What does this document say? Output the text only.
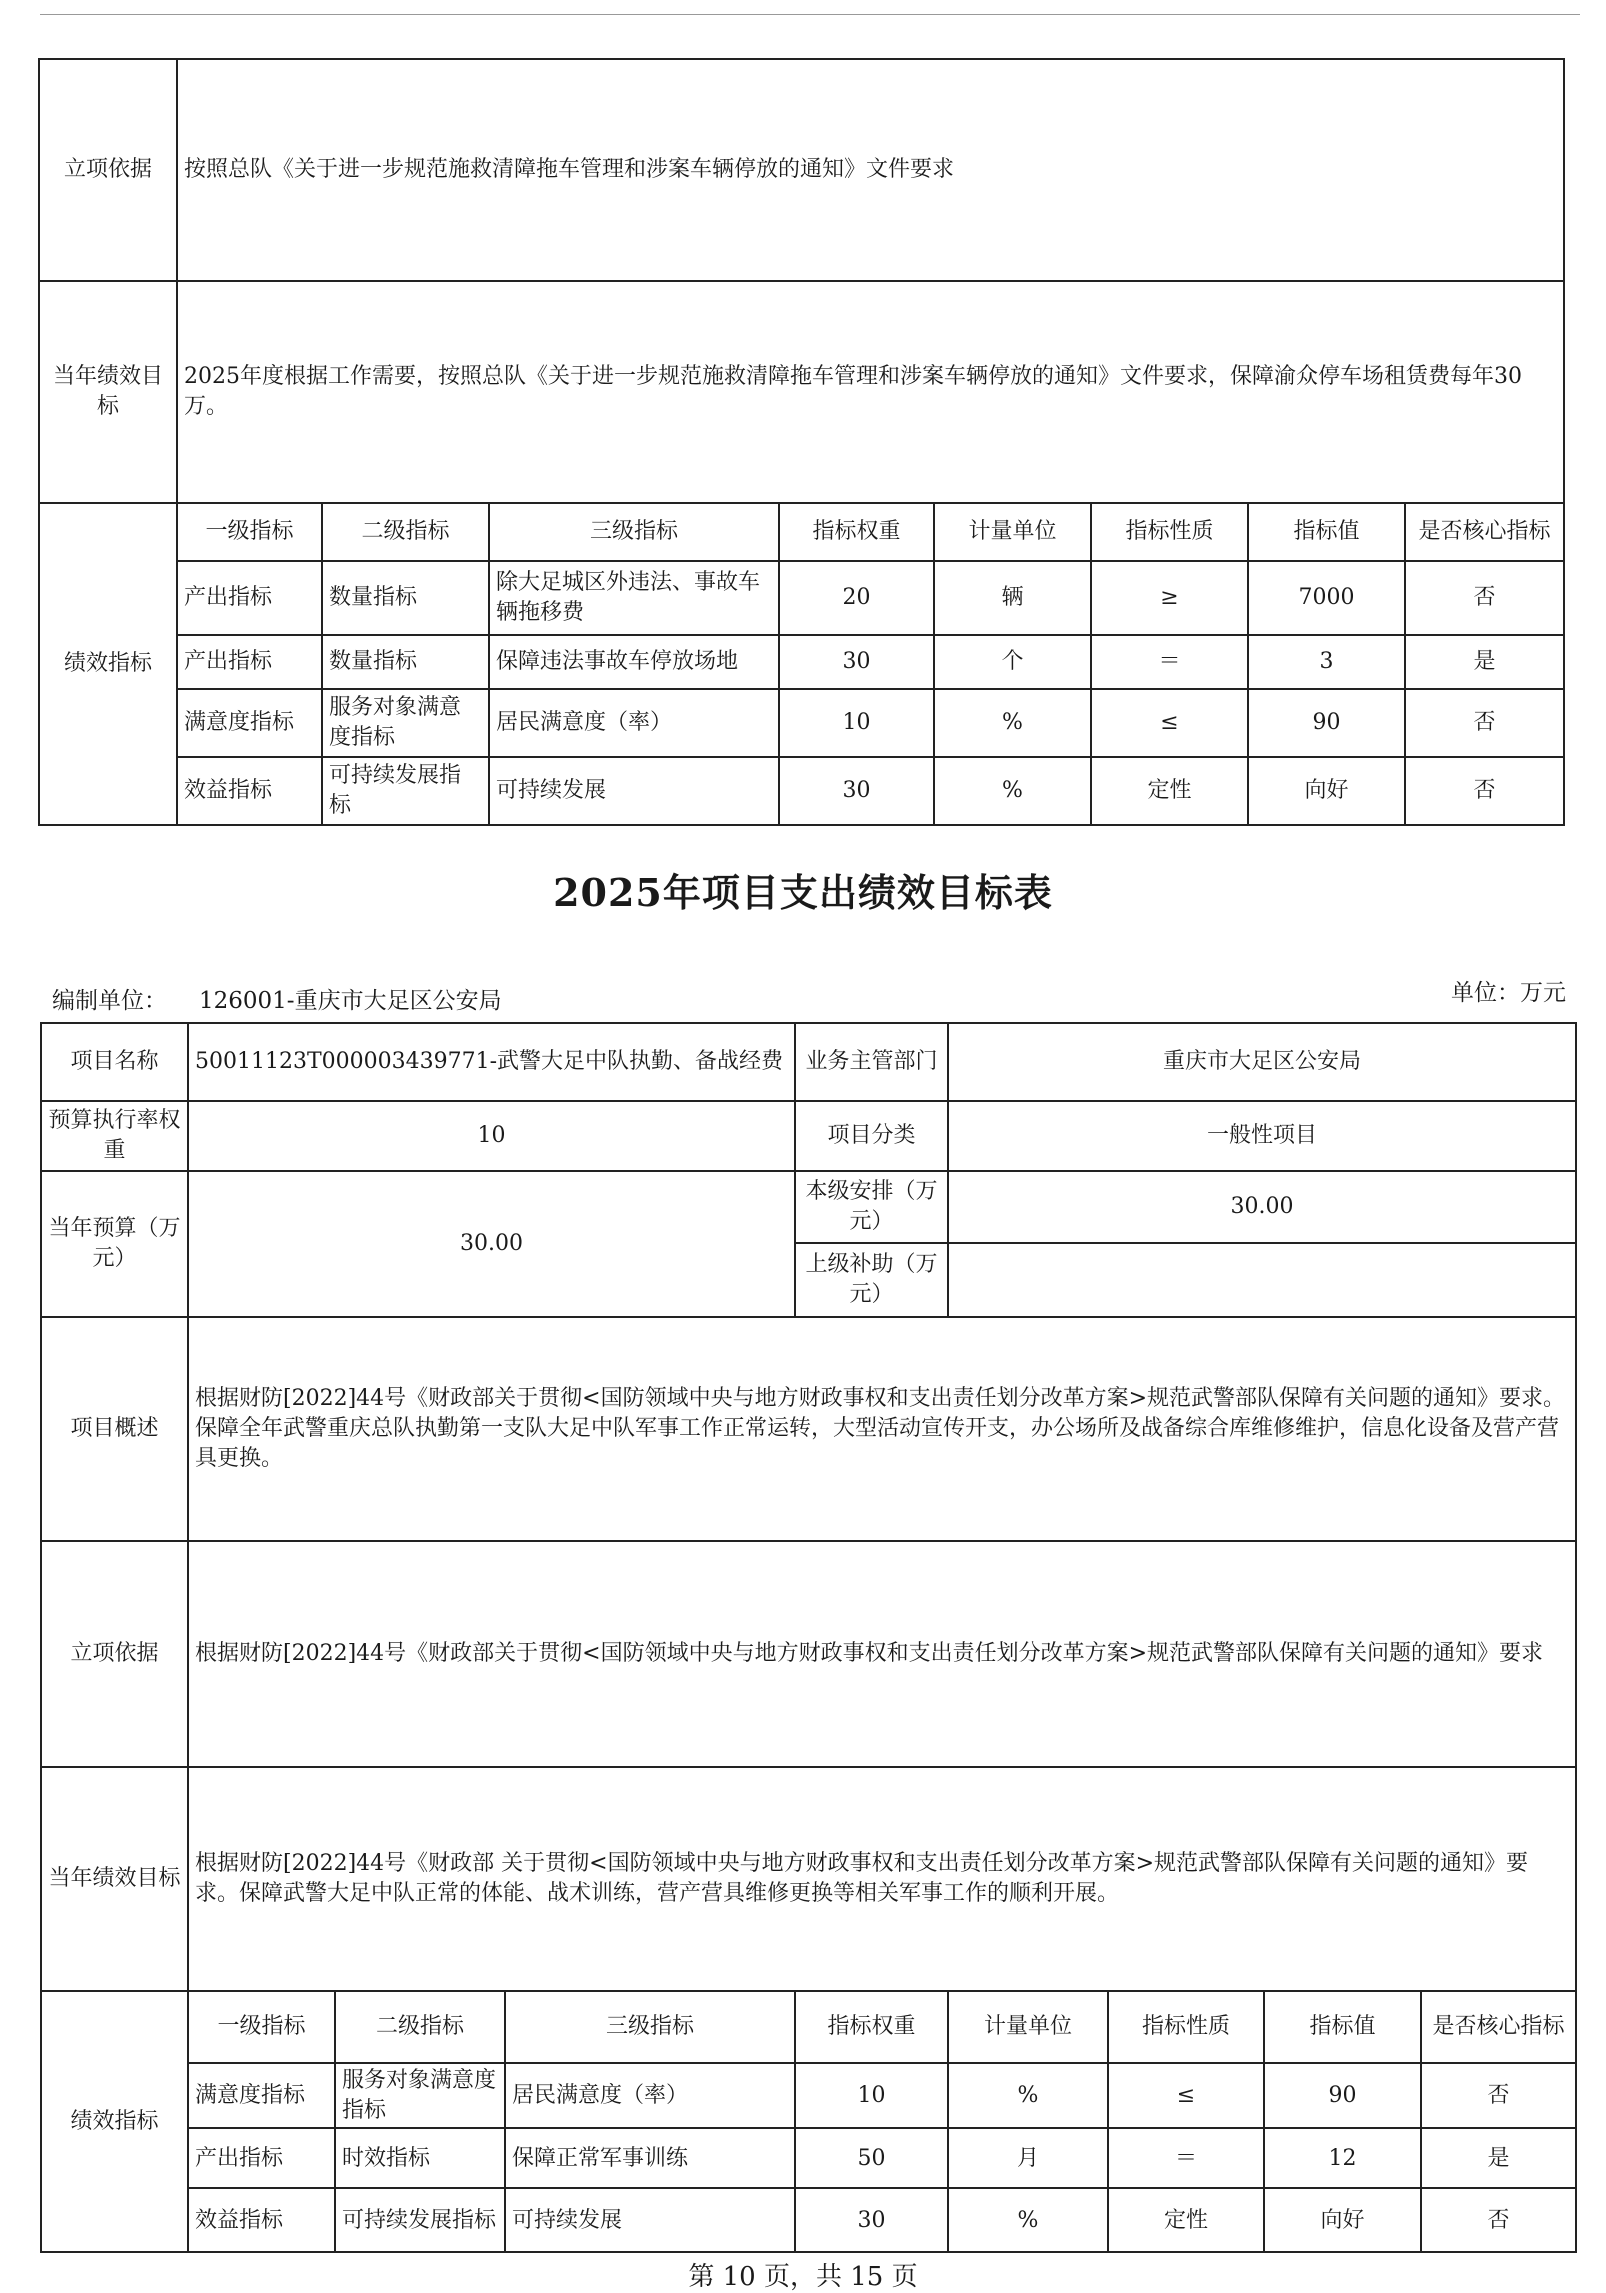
立项依据	按照总队《关于进一步规范施救清障拖车管理和涉案车辆停放的通知》文件要求							
当年绩效目标	2025年度根据工作需要，按照总队《关于进一步规范施救清障拖车管理和涉案车辆停放的通知》文件要求，保障渝众停车场租赁费每年30万。							
绩效指标	一级指标	二级指标	三级指标	指标权重	计量单位	指标性质	指标值	是否核心指标
	产出指标	数量指标	除大足城区外违法、事故车辆拖移费	20	辆	≥	7000	否
	产出指标	数量指标	保障违法事故车停放场地	30	个	＝	3	是
	满意度指标	服务对象满意度指标	居民满意度（率）	10	%	≤	90	否
	效益指标	可持续发展指标	可持续发展	30	%	定性	向好	否
2025年项目支出绩效目标表
编制单位： 126001-重庆市大足区公安局	单位：万元
项目名称	50011123T000003439771-武警大足中队执勤、备战经费			业务主管部门	重庆市大足区公安局			
预算执行率权重	10			项目分类	一般性项目			
当年预算（万元）	30.00			本级安排（万元）	30.00			
				上级补助（万元）				
项目概述	根据财防[2022]44号《财政部关于贯彻<国防领域中央与地方财政事权和支出责任划分改革方案>规范武警部队保障有关问题的通知》要求。保障全年武警重庆总队执勤第一支队大足中队军事工作正常运转，大型活动宣传开支，办公场所及战备综合库维修维护，信息化设备及营产营具更换。							
立项依据	根据财防[2022]44号《财政部关于贯彻<国防领域中央与地方财政事权和支出责任划分改革方案>规范武警部队保障有关问题的通知》要求							
当年绩效目标	根据财防[2022]44号《财政部 关于贯彻<国防领域中央与地方财政事权和支出责任划分改革方案>规范武警部队保障有关问题的通知》要求。保障武警大足中队正常的体能、战术训练，营产营具维修更换等相关军事工作的顺利开展。							
绩效指标	一级指标	二级指标	三级指标	指标权重	计量单位	指标性质	指标值	是否核心指标
	满意度指标	服务对象满意度指标	居民满意度（率）	10	%	≤	90	否
	产出指标	时效指标	保障正常军事训练	50	月	＝	12	是
	效益指标	可持续发展指标	可持续发展	30	%	定性	向好	否
第 10 页，共 15 页
